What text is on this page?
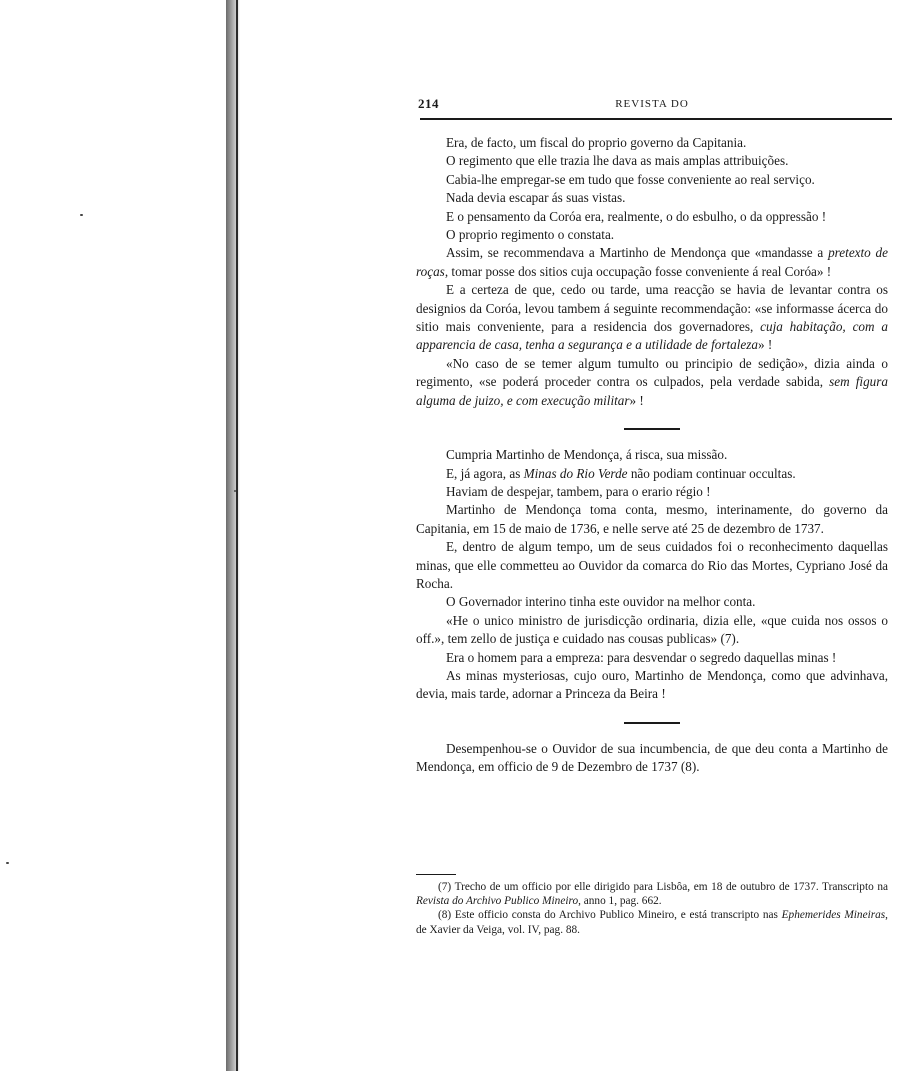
214	REVISTA DO

Era, de facto, um fiscal do proprio governo da Capitania.

O regimento que elle trazia lhe dava as mais amplas attribuições.

Cabia-lhe empregar-se em tudo que fosse conveniente ao real serviço.

Nada devia escapar ás suas vistas.

E o pensamento da Coróa era, realmente, o do esbulho, o da oppressão !

O proprio regimento o constata.

Assim, se recommendava a Martinho de Mendonça que «mandasse a pretexto de roças, tomar posse dos sitios cuja occupação fosse conveniente á real Coróa» !

E a certeza de que, cedo ou tarde, uma reacção se havia de levantar contra os designios da Coróa, levou tambem á seguinte recommendação: «se informasse ácerca do sitio mais conveniente, para a residencia dos governadores, cuja habitação, com a apparencia de casa, tenha a segurança e a utilidade de fortaleza» !

«No caso de se temer algum tumulto ou principio de sedição», dizia ainda o regimento, «se poderá proceder contra os culpados, pela verdade sabida, sem figura alguma de juizo, e com execução militar» !

Cumpria Martinho de Mendonça, á risca, sua missão.

E, já agora, as Minas do Rio Verde não podiam continuar occultas.

Haviam de despejar, tambem, para o erario régio !

Martinho de Mendonça toma conta, mesmo, interinamente, do governo da Capitania, em 15 de maio de 1736, e nelle serve até 25 de dezembro de 1737.

E, dentro de algum tempo, um de seus cuidados foi o reconhecimento daquellas minas, que elle commetteu ao Ouvidor da comarca do Rio das Mortes, Cypriano José da Rocha.

O Governador interino tinha este ouvidor na melhor conta.

«He o unico ministro de jurisdicção ordinaria, dizia elle, «que cuida nos ossos o off.», tem zello de justiça e cuidado nas cousas publicas» (7).

Era o homem para a empreza: para desvendar o segredo daquellas minas !

As minas mysteriosas, cujo ouro, Martinho de Mendonça, como que advinhava, devia, mais tarde, adornar a Princeza da Beira !

Desempenhou-se o Ouvidor de sua incumbencia, de que deu conta a Martinho de Mendonça, em officio de 9 de Dezembro de 1737 (8).

(7) Trecho de um officio por elle dirigido para Lisbôa, em 18 de outubro de 1737. Transcripto na Revista do Archivo Publico Mineiro, anno 1, pag. 662.

(8) Este officio consta do Archivo Publico Mineiro, e está transcripto nas Ephemerides Mineiras, de Xavier da Veiga, vol. IV, pag. 88.
